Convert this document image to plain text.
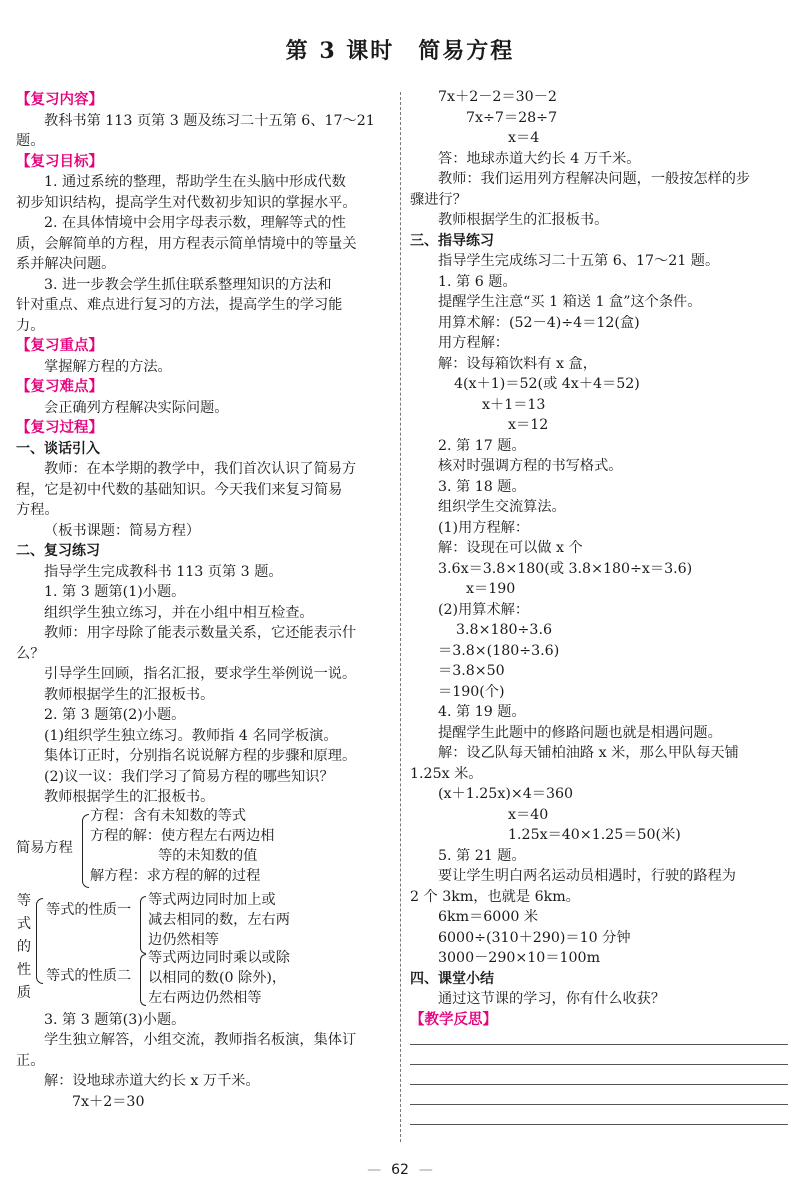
第 3 课时　简易方程
【复习内容】
教科书第 113 页第 3 题及练习二十五第 6、17～21
题。
【复习目标】
1. 通过系统的整理，帮助学生在头脑中形成代数
初步知识结构，提高学生对代数初步知识的掌握水平。
2. 在具体情境中会用字母表示数，理解等式的性
质，会解简单的方程，用方程表示简单情境中的等量关
系并解决问题。
3. 进一步教会学生抓住联系整理知识的方法和
针对重点、难点进行复习的方法，提高学生的学习能
力。
【复习重点】
掌握解方程的方法。
【复习难点】
会正确列方程解决实际问题。
【复习过程】
一、谈话引入
教师：在本学期的教学中，我们首次认识了简易方
程，它是初中代数的基础知识。今天我们来复习简易
方程。
（板书课题：简易方程）
二、复习练习
指导学生完成教科书 113 页第 3 题。
1. 第 3 题第(1)小题。
组织学生独立练习，并在小组中相互检查。
教师：用字母除了能表示数量关系，它还能表示什
么？
引导学生回顾，指名汇报，要求学生举例说一说。
教师根据学生的汇报板书。
2. 第 3 题第(2)小题。
(1)组织学生独立练习。教师指 4 名同学板演。
集体订正时，分别指名说说解方程的步骤和原理。
(2)议一议：我们学习了简易方程的哪些知识？
教师根据学生的汇报板书。
简易方程
方程：含有未知数的等式
方程的解：使方程左右两边相
等的未知数的值
解方程：求方程的解的过程
等式的性质
等式的性质一
等式两边同时加上或
减去相同的数，左右两
边仍然相等
等式的性质二
等式两边同时乘以或除
以相同的数(0 除外)，
左右两边仍然相等
3. 第 3 题第(3)小题。
学生独立解答，小组交流，教师指名板演，集体订
正。
解：设地球赤道大约长 x 万千米。
7x＋2＝30
7x＋2－2＝30－2
7x÷7＝28÷7
x＝4
答：地球赤道大约长 4 万千米。
教师：我们运用列方程解决问题，一般按怎样的步
骤进行？
教师根据学生的汇报板书。
三、指导练习
指导学生完成练习二十五第 6、17～21 题。
1. 第 6 题。
提醒学生注意“买 1 箱送 1 盒”这个条件。
用算术解：(52－4)÷4＝12(盒)
用方程解：
解：设每箱饮料有 x 盒，
4(x＋1)＝52(或 4x＋4＝52)
x＋1＝13
x＝12
2. 第 17 题。
核对时强调方程的书写格式。
3. 第 18 题。
组织学生交流算法。
(1)用方程解：
解：设现在可以做 x 个
3.6x＝3.8×180(或 3.8×180÷x＝3.6)
x＝190
(2)用算术解：
3.8×180÷3.6
＝3.8×(180÷3.6)
＝3.8×50
＝190(个)
4. 第 19 题。
提醒学生此题中的修路问题也就是相遇问题。
解：设乙队每天铺柏油路 x 米，那么甲队每天铺
1.25x 米。
(x＋1.25x)×4＝360
x＝40
1.25x＝40×1.25＝50(米)
5. 第 21 题。
要让学生明白两名运动员相遇时，行驶的路程为
2 个 3km，也就是 6km。
6km＝6000 米
6000÷(310＋290)＝10 分钟
3000－290×10＝100m
四、课堂小结
通过这节课的学习，你有什么收获？
【教学反思】
— 62 —
